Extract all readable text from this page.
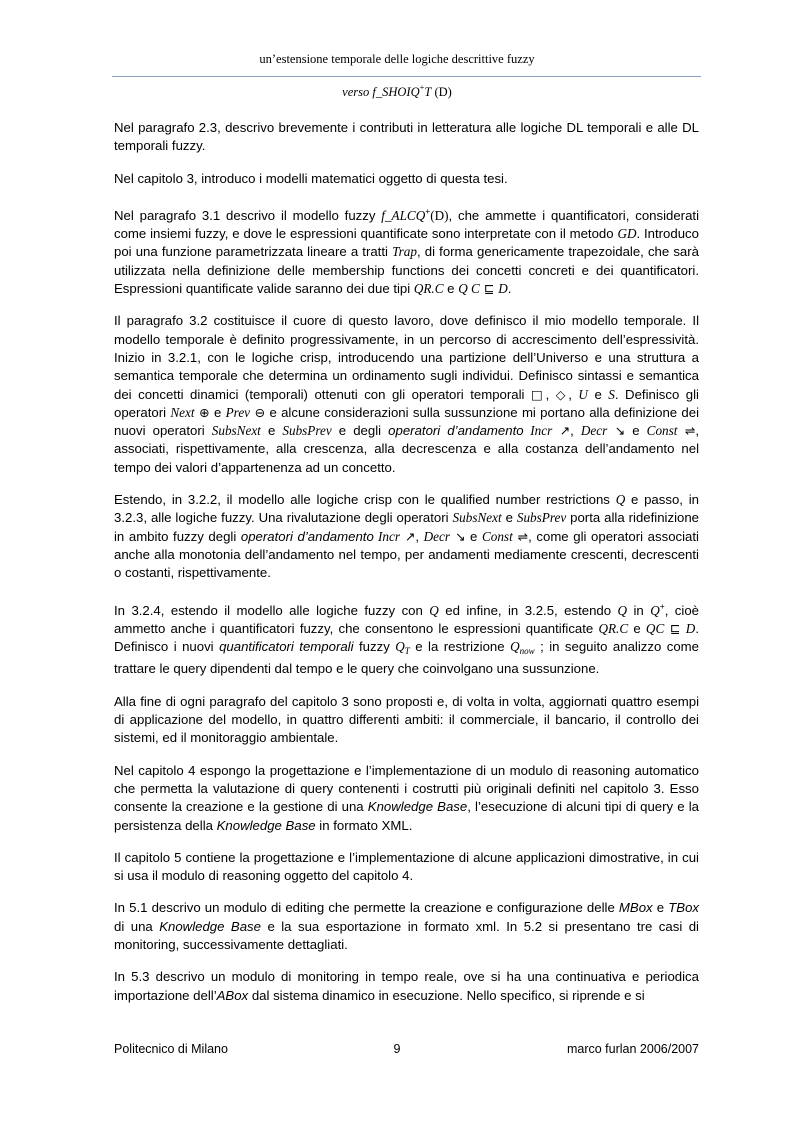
un’estensione temporale delle logiche descrittive fuzzy
verso f_SHOIQ+T (D)

Nel paragrafo 2.3, descrivo brevemente i contributi in letteratura alle logiche DL temporali e alle DL temporali fuzzy.

Nel capitolo 3, introduco i modelli matematici oggetto di questa tesi.

Nel paragrafo 3.1 descrivo il modello fuzzy f_ALCQ+(D), che ammette i quantificatori, considerati come insiemi fuzzy, e dove le espressioni quantificate sono interpretate con il metodo GD. Introduco poi una funzione parametrizzata lineare a tratti Trap, di forma genericamente trapezoidale, che sarà utilizzata nella definizione delle membership functions dei concetti concreti e dei quantificatori. Espressioni quantificate valide saranno dei due tipi QR.C e Q C ⊑ D.

Il paragrafo 3.2 costituisce il cuore di questo lavoro, dove definisco il mio modello temporale. Il modello temporale è definito progressivamente, in un percorso di accrescimento dell’espressività. Inizio in 3.2.1, con le logiche crisp, introducendo una partizione dell’Universo e una struttura a semantica temporale che determina un ordinamento sugli individui. Definisco sintassi e semantica dei concetti dinamici (temporali) ottenuti con gli operatori temporali □, ◇, U e S. Definisco gli operatori Next ⊕ e Prev ⊖ e alcune considerazioni sulla sussunzione mi portano alla definizione dei nuovi operatori SubsNext e SubsPrev e degli operatori d’andamento Incr ↗, Decr ↘ e Const ⇌, associati, rispettivamente, alla crescenza, alla decrescenza e alla costanza dell’andamento nel tempo dei valori d’appartenenza ad un concetto.

Estendo, in 3.2.2, il modello alle logiche crisp con le qualified number restrictions Q e passo, in 3.2.3, alle logiche fuzzy. Una rivalutazione degli operatori SubsNext e SubsPrev porta alla ridefinizione in ambito fuzzy degli operatori d’andamento Incr ↗, Decr ↘ e Const ⇌, come gli operatori associati anche alla monotonia dell’andamento nel tempo, per andamenti mediamente crescenti, decrescenti o costanti, rispettivamente.

In 3.2.4, estendo il modello alle logiche fuzzy con Q ed infine, in 3.2.5, estendo Q in Q+, cioè ammetto anche i quantificatori fuzzy, che consentono le espressioni quantificate QR.C e QC ⊑ D. Definisco i nuovi quantificatori temporali fuzzy $Q_T$ e la restrizione $Q_{now}$ ; in seguito analizzo come trattare le query dipendenti dal tempo e le query che coinvolgano una sussunzione.

Alla fine di ogni paragrafo del capitolo 3 sono proposti e, di volta in volta, aggiornati quattro esempi di applicazione del modello, in quattro differenti ambiti: il commerciale, il bancario, il controllo dei sistemi, ed il monitoraggio ambientale.

Nel capitolo 4 espongo la progettazione e l’implementazione di un modulo di reasoning automatico che permetta la valutazione di query contenenti i costrutti più originali definiti nel capitolo 3. Esso consente la creazione e la gestione di una Knowledge Base, l’esecuzione di alcuni tipi di query e la persistenza della Knowledge Base in formato XML.

Il capitolo 5 contiene la progettazione e l’implementazione di alcune applicazioni dimostrative, in cui si usa il modulo di reasoning oggetto del capitolo 4.

In 5.1 descrivo un modulo di editing che permette la creazione e configurazione delle MBox e TBox di una Knowledge Base e la sua esportazione in formato xml. In 5.2 si presentano tre casi di monitoring, successivamente dettagliati.

In 5.3 descrivo un modulo di monitoring in tempo reale, ove si ha una continuativa e periodica importazione dell’ABox dal sistema dinamico in esecuzione. Nello specifico, si riprende e si

Politecnico di Milano	9	marco furlan 2006/2007
